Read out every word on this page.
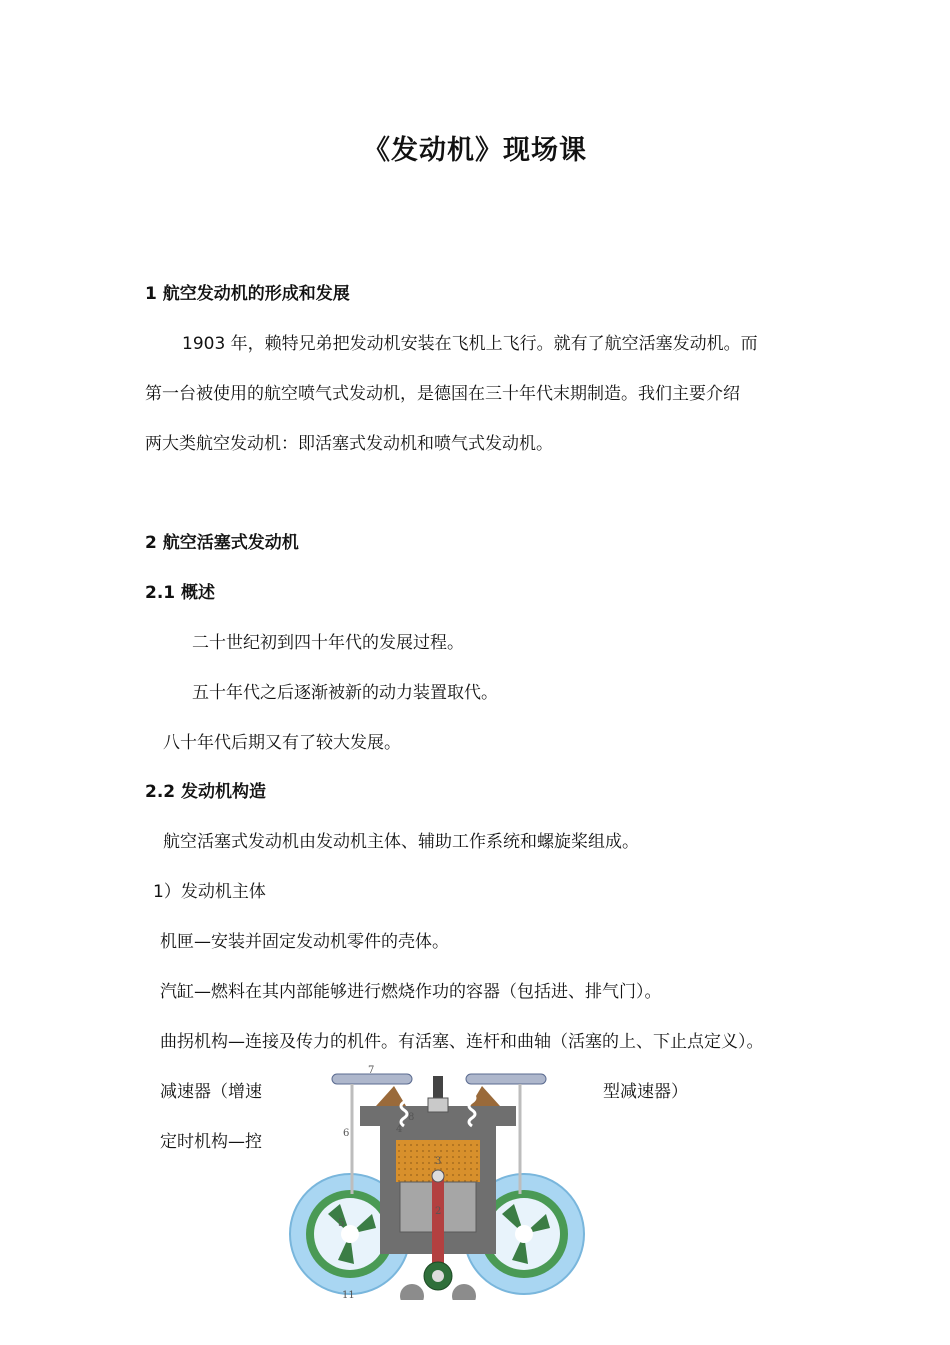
《发动机》现场课
1 航空发动机的形成和发展
1903 年，赖特兄弟把发动机安装在飞机上飞行。就有了航空活塞发动机。而
第一台被使用的航空喷气式发动机，是德国在三十年代末期制造。我们主要介绍
两大类航空发动机：即活塞式发动机和喷气式发动机。
2 航空活塞式发动机
2.1 概述
二十世纪初到四十年代的发展过程。
五十年代之后逐渐被新的动力装置取代。
八十年代后期又有了较大发展。
2.2 发动机构造
航空活塞式发动机由发动机主体、辅助工作系统和螺旋桨组成。
1）发动机主体
机匣—安装并固定发动机零件的壳体。
汽缸—燃料在其内部能够进行燃烧作功的容器（包括进、排气门）。
曲拐机构—连接及传力的机件。有活塞、连杆和曲轴（活塞的上、下止点定义）。
减速器（增速	型减速器）
定时机构—控
7
8
4
6
3
5
2
11
